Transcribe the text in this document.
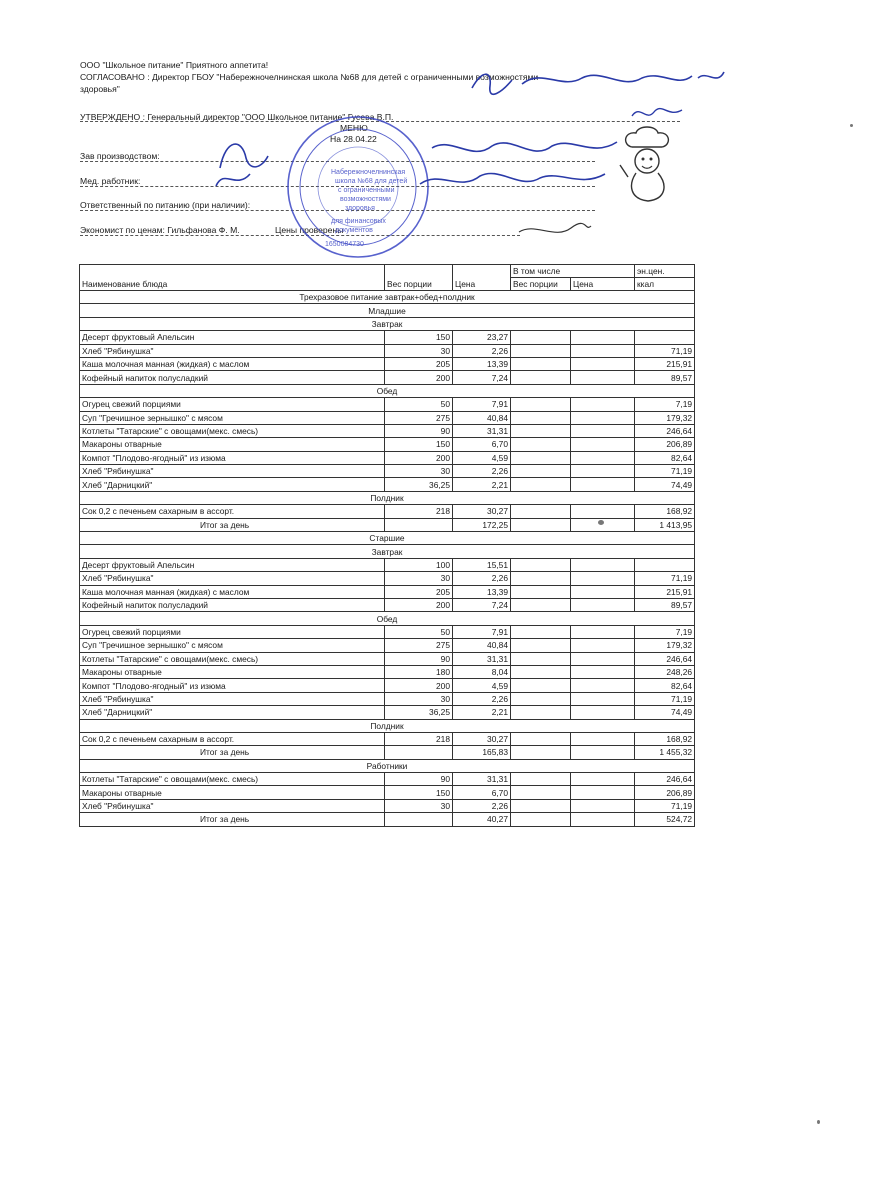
ООО "Школьное питание" Приятного аппетита!
СОГЛАСОВАНО : Директор ГБОУ "Набережночелнинская школа №68 для детей с ограниченными возможностями
здоровья"
УТВЕРЖДЕНО : Генеральный директор "ООО Школьное питание" Гусева В.П.
МЕНЮ
На 28.04.22
Зав производством:
Мед. работник:
Ответственный по питанию (при наличии):
Экономист по ценам: Гильфанова Ф. М.	Цены проверены
Набережночелнинская
школа №68 для детей
с ограниченными
возможностями
здоровья
для финансовых
документов
1650084730
			В том числе		эн.цен.
Наименование блюда	Вес порции	Цена	Вес порции	Цена	ккал
Трехразовое питание завтрак+обед+полдник					
Младшие					
Завтрак					
Десерт фруктовый Апельсин	150	23,27			
Хлеб "Рябинушка"	30	2,26			71,19
Каша молочная манная (жидкая) с маслом	205	13,39			215,91
Кофейный напиток полусладкий	200	7,24			89,57
Обед					
Огурец свежий порциями	50	7,91			7,19
Суп "Гречишное зернышко" с мясом	275	40,84			179,32
Котлеты "Татарские" с овощами(мекс. смесь)	90	31,31			246,64
Макароны отварные	150	6,70			206,89
Компот "Плодово-ягодный" из изюма	200	4,59			82,64
Хлеб "Рябинушка"	30	2,26			71,19
Хлеб "Дарницкий"	36,25	2,21			74,49
Полдник					
Сок 0,2 с печеньем сахарным в ассорт.	218	30,27			168,92
Итог за день		172,25			1 413,95
Старшие					
Завтрак					
Десерт фруктовый Апельсин	100	15,51			
Хлеб "Рябинушка"	30	2,26			71,19
Каша молочная манная (жидкая) с маслом	205	13,39			215,91
Кофейный напиток полусладкий	200	7,24			89,57
Обед					
Огурец свежий порциями	50	7,91			7,19
Суп "Гречишное зернышко" с мясом	275	40,84			179,32
Котлеты "Татарские" с овощами(мекс. смесь)	90	31,31			246,64
Макароны отварные	180	8,04			248,26
Компот "Плодово-ягодный" из изюма	200	4,59			82,64
Хлеб "Рябинушка"	30	2,26			71,19
Хлеб "Дарницкий"	36,25	2,21			74,49
Полдник					
Сок 0,2 с печеньем сахарным в ассорт.	218	30,27			168,92
Итог за день		165,83			1 455,32
Работники					
Котлеты "Татарские" с овощами(мекс. смесь)	90	31,31			246,64
Макароны отварные	150	6,70			206,89
Хлеб "Рябинушка"	30	2,26			71,19
Итог за день		40,27			524,72
